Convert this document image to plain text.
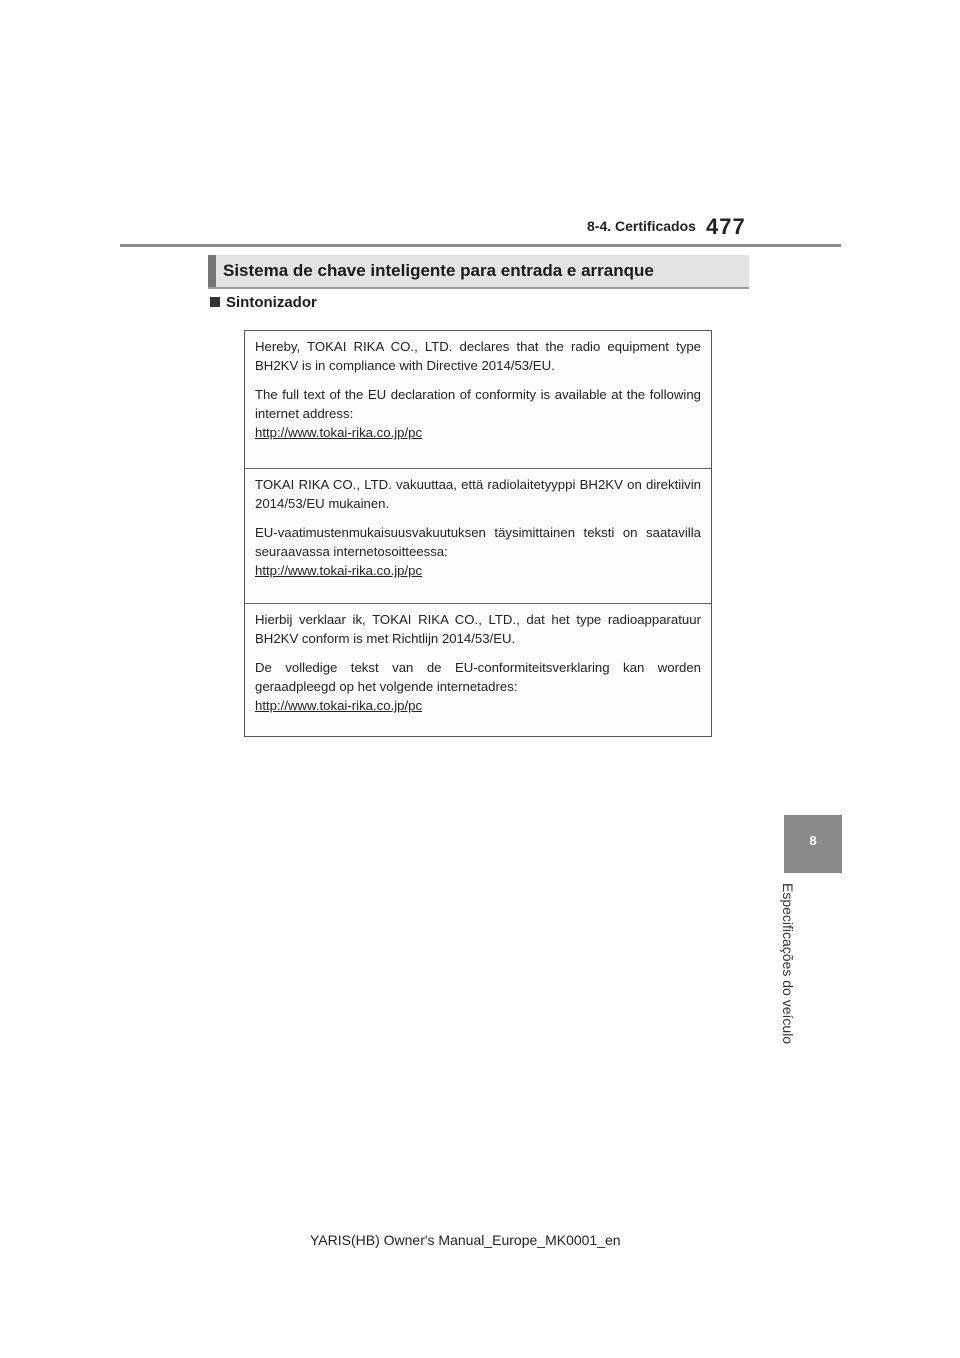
8-4. Certificados 477
Sistema de chave inteligente para entrada e arranque
Sintonizador

Hereby, TOKAI RIKA CO., LTD. declares that the radio equipment type BH2KV is in compliance with Directive 2014/53/EU.

The full text of the EU declaration of conformity is available at the following internet address:

http://www.tokai-rika.co.jp/pc

TOKAI RIKA CO., LTD. vakuuttaa, että radiolaitetyyppi BH2KV on direktiivin 2014/53/EU mukainen.

EU-vaatimustenmukaisuusvakuutuksen täysimittainen teksti on saatavilla seuraavassa internetosoitteessa:

http://www.tokai-rika.co.jp/pc

Hierbij verklaar ik, TOKAI RIKA CO., LTD., dat het type radioapparatuur BH2KV conform is met Richtlijn 2014/53/EU.

De volledige tekst van de EU-conformiteitsverklaring kan worden geraadpleegd op het volgende internetadres:

http://www.tokai-rika.co.jp/pc
8
Especificações do veículo
YARIS(HB) Owner's Manual_Europe_MK0001_en
